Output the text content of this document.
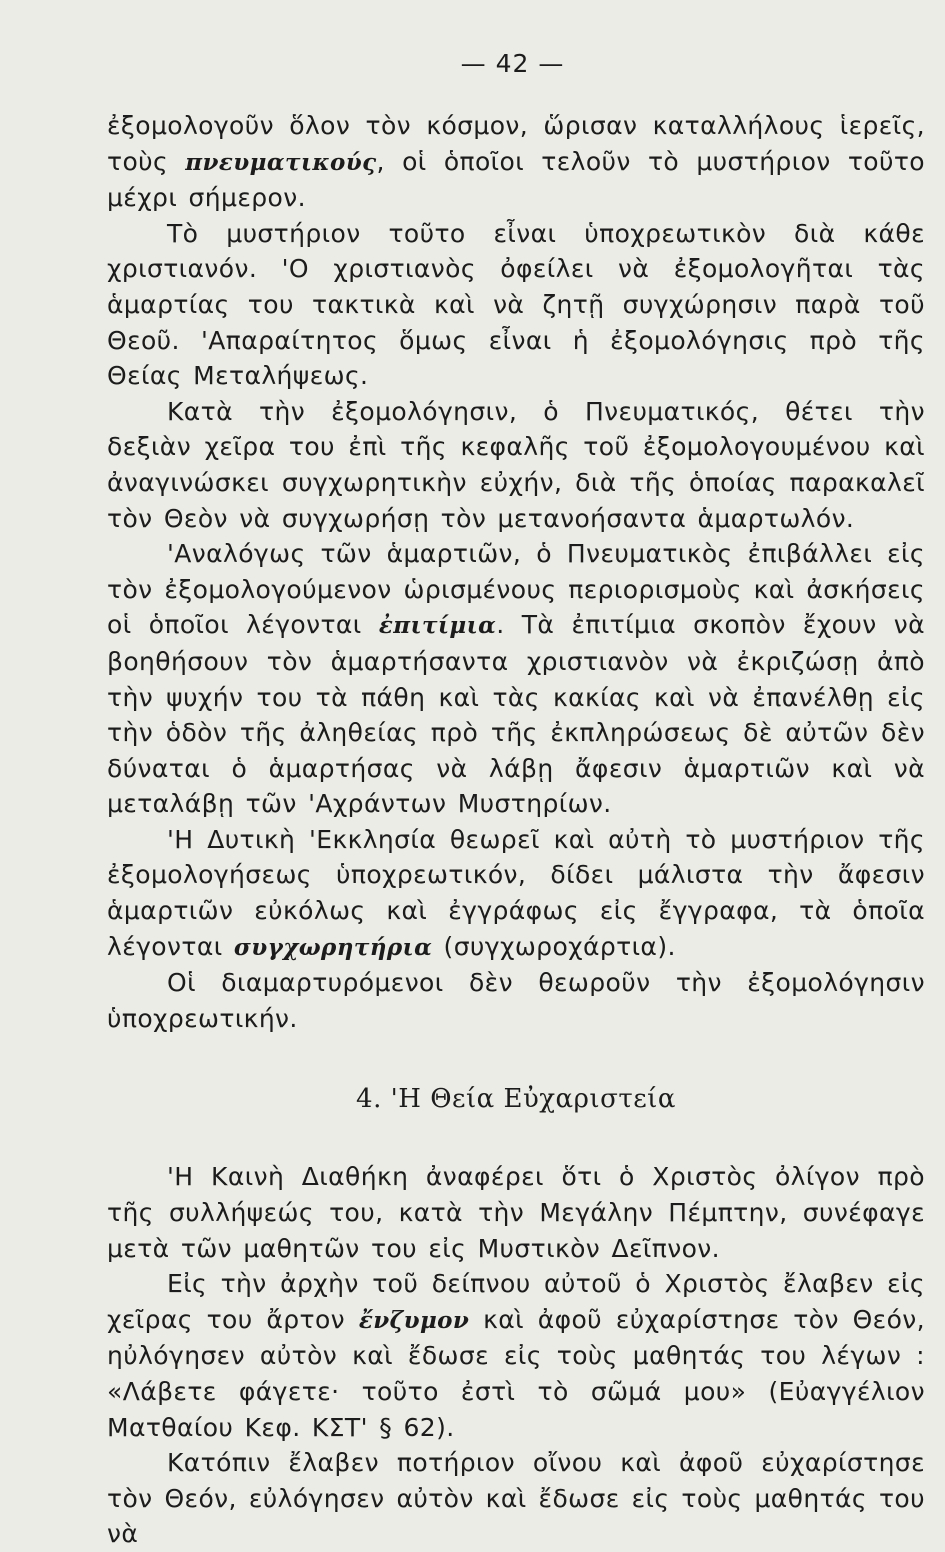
— 42 —

ἐξομολογοῦν ὅλον τὸν κόσμον, ὥρισαν καταλλήλους ἱερεῖς, τοὺς πνευματικούς, οἱ ὁποῖοι τελοῦν τὸ μυστήριον τοῦτο μέχρι σήμερον.

Τὸ μυστήριον τοῦτο εἶναι ὑποχρεωτικὸν διὰ κάθε χριστιανόν. 'Ο χριστιανὸς ὀφείλει νὰ ἐξομολογῆται τὰς ἁμαρτίας του τακτικὰ καὶ νὰ ζητῇ συγχώρησιν παρὰ τοῦ Θεοῦ. 'Απαραίτητος ὅμως εἶναι ἡ ἐξομολόγησις πρὸ τῆς Θείας Μεταλήψεως.

Κατὰ τὴν ἐξομολόγησιν, ὁ Πνευματικός, θέτει τὴν δεξιὰν χεῖρα του ἐπὶ τῆς κεφαλῆς τοῦ ἐξομολογουμένου καὶ ἀναγινώσκει συγχωρητικὴν εὐχήν, διὰ τῆς ὁποίας παρακαλεῖ τὸν Θεὸν νὰ συγχωρήσῃ τὸν μετανοήσαντα ἁμαρτωλόν.

'Αναλόγως τῶν ἁμαρτιῶν, ὁ Πνευματικὸς ἐπιβάλλει εἰς τὸν ἐξομολογούμενον ὡρισμένους περιορισμοὺς καὶ ἀσκήσεις οἱ ὁποῖοι λέγονται ἐπιτίμια. Τὰ ἐπιτίμια σκοπὸν ἔχουν νὰ βοηθήσουν τὸν ἁμαρτήσαντα χριστιανὸν νὰ ἐκριζώσῃ ἀπὸ τὴν ψυχήν του τὰ πάθη καὶ τὰς κακίας καὶ νὰ ἐπανέλθῃ εἰς τὴν ὁδὸν τῆς ἀληθείας πρὸ τῆς ἐκπληρώσεως δὲ αὐτῶν δὲν δύναται ὁ ἁμαρτήσας νὰ λάβῃ ἄφεσιν ἁμαρτιῶν καὶ νὰ μεταλάβῃ τῶν 'Αχράντων Μυστηρίων.

'Η Δυτικὴ 'Εκκλησία θεωρεῖ καὶ αὐτὴ τὸ μυστήριον τῆς ἐξομολογήσεως ὑποχρεωτικόν, δίδει μάλιστα τὴν ἄφεσιν ἁμαρτιῶν εὐκόλως καὶ ἐγγράφως εἰς ἔγγραφα, τὰ ὁποῖα λέγονται συγχωρητήρια (συγχωροχάρτια).

Οἱ διαμαρτυρόμενοι δὲν θεωροῦν τὴν ἐξομολόγησιν ὑποχρεωτικήν.

4. 'Η Θεία Εὐχαριστεία

'Η Καινὴ Διαθήκη ἀναφέρει ὅτι ὁ Χριστὸς ὀλίγον πρὸ τῆς συλλήψεώς του, κατὰ τὴν Μεγάλην Πέμπτην, συνέφαγε μετὰ τῶν μαθητῶν του εἰς Μυστικὸν Δεῖπνον.

Εἰς τὴν ἀρχὴν τοῦ δείπνου αὐτοῦ ὁ Χριστὸς ἔλαβεν εἰς χεῖρας του ἄρτον ἔνζυμον καὶ ἀφοῦ εὐχαρίστησε τὸν Θεόν, ηὐλόγησεν αὐτὸν καὶ ἔδωσε εἰς τοὺς μαθητάς του λέγων : «Λάβετε φάγετε· τοῦτο ἐστὶ τὸ σῶμά μου» (Εὐαγγέλιον Ματθαίου Κεφ. ΚΣΤ' § 62).

Κατόπιν ἔλαβεν ποτήριον οἴνου καὶ ἀφοῦ εὐχαρίστησε τὸν Θεόν, εὐλόγησεν αὐτὸν καὶ ἔδωσε εἰς τοὺς μαθητάς του νὰ
